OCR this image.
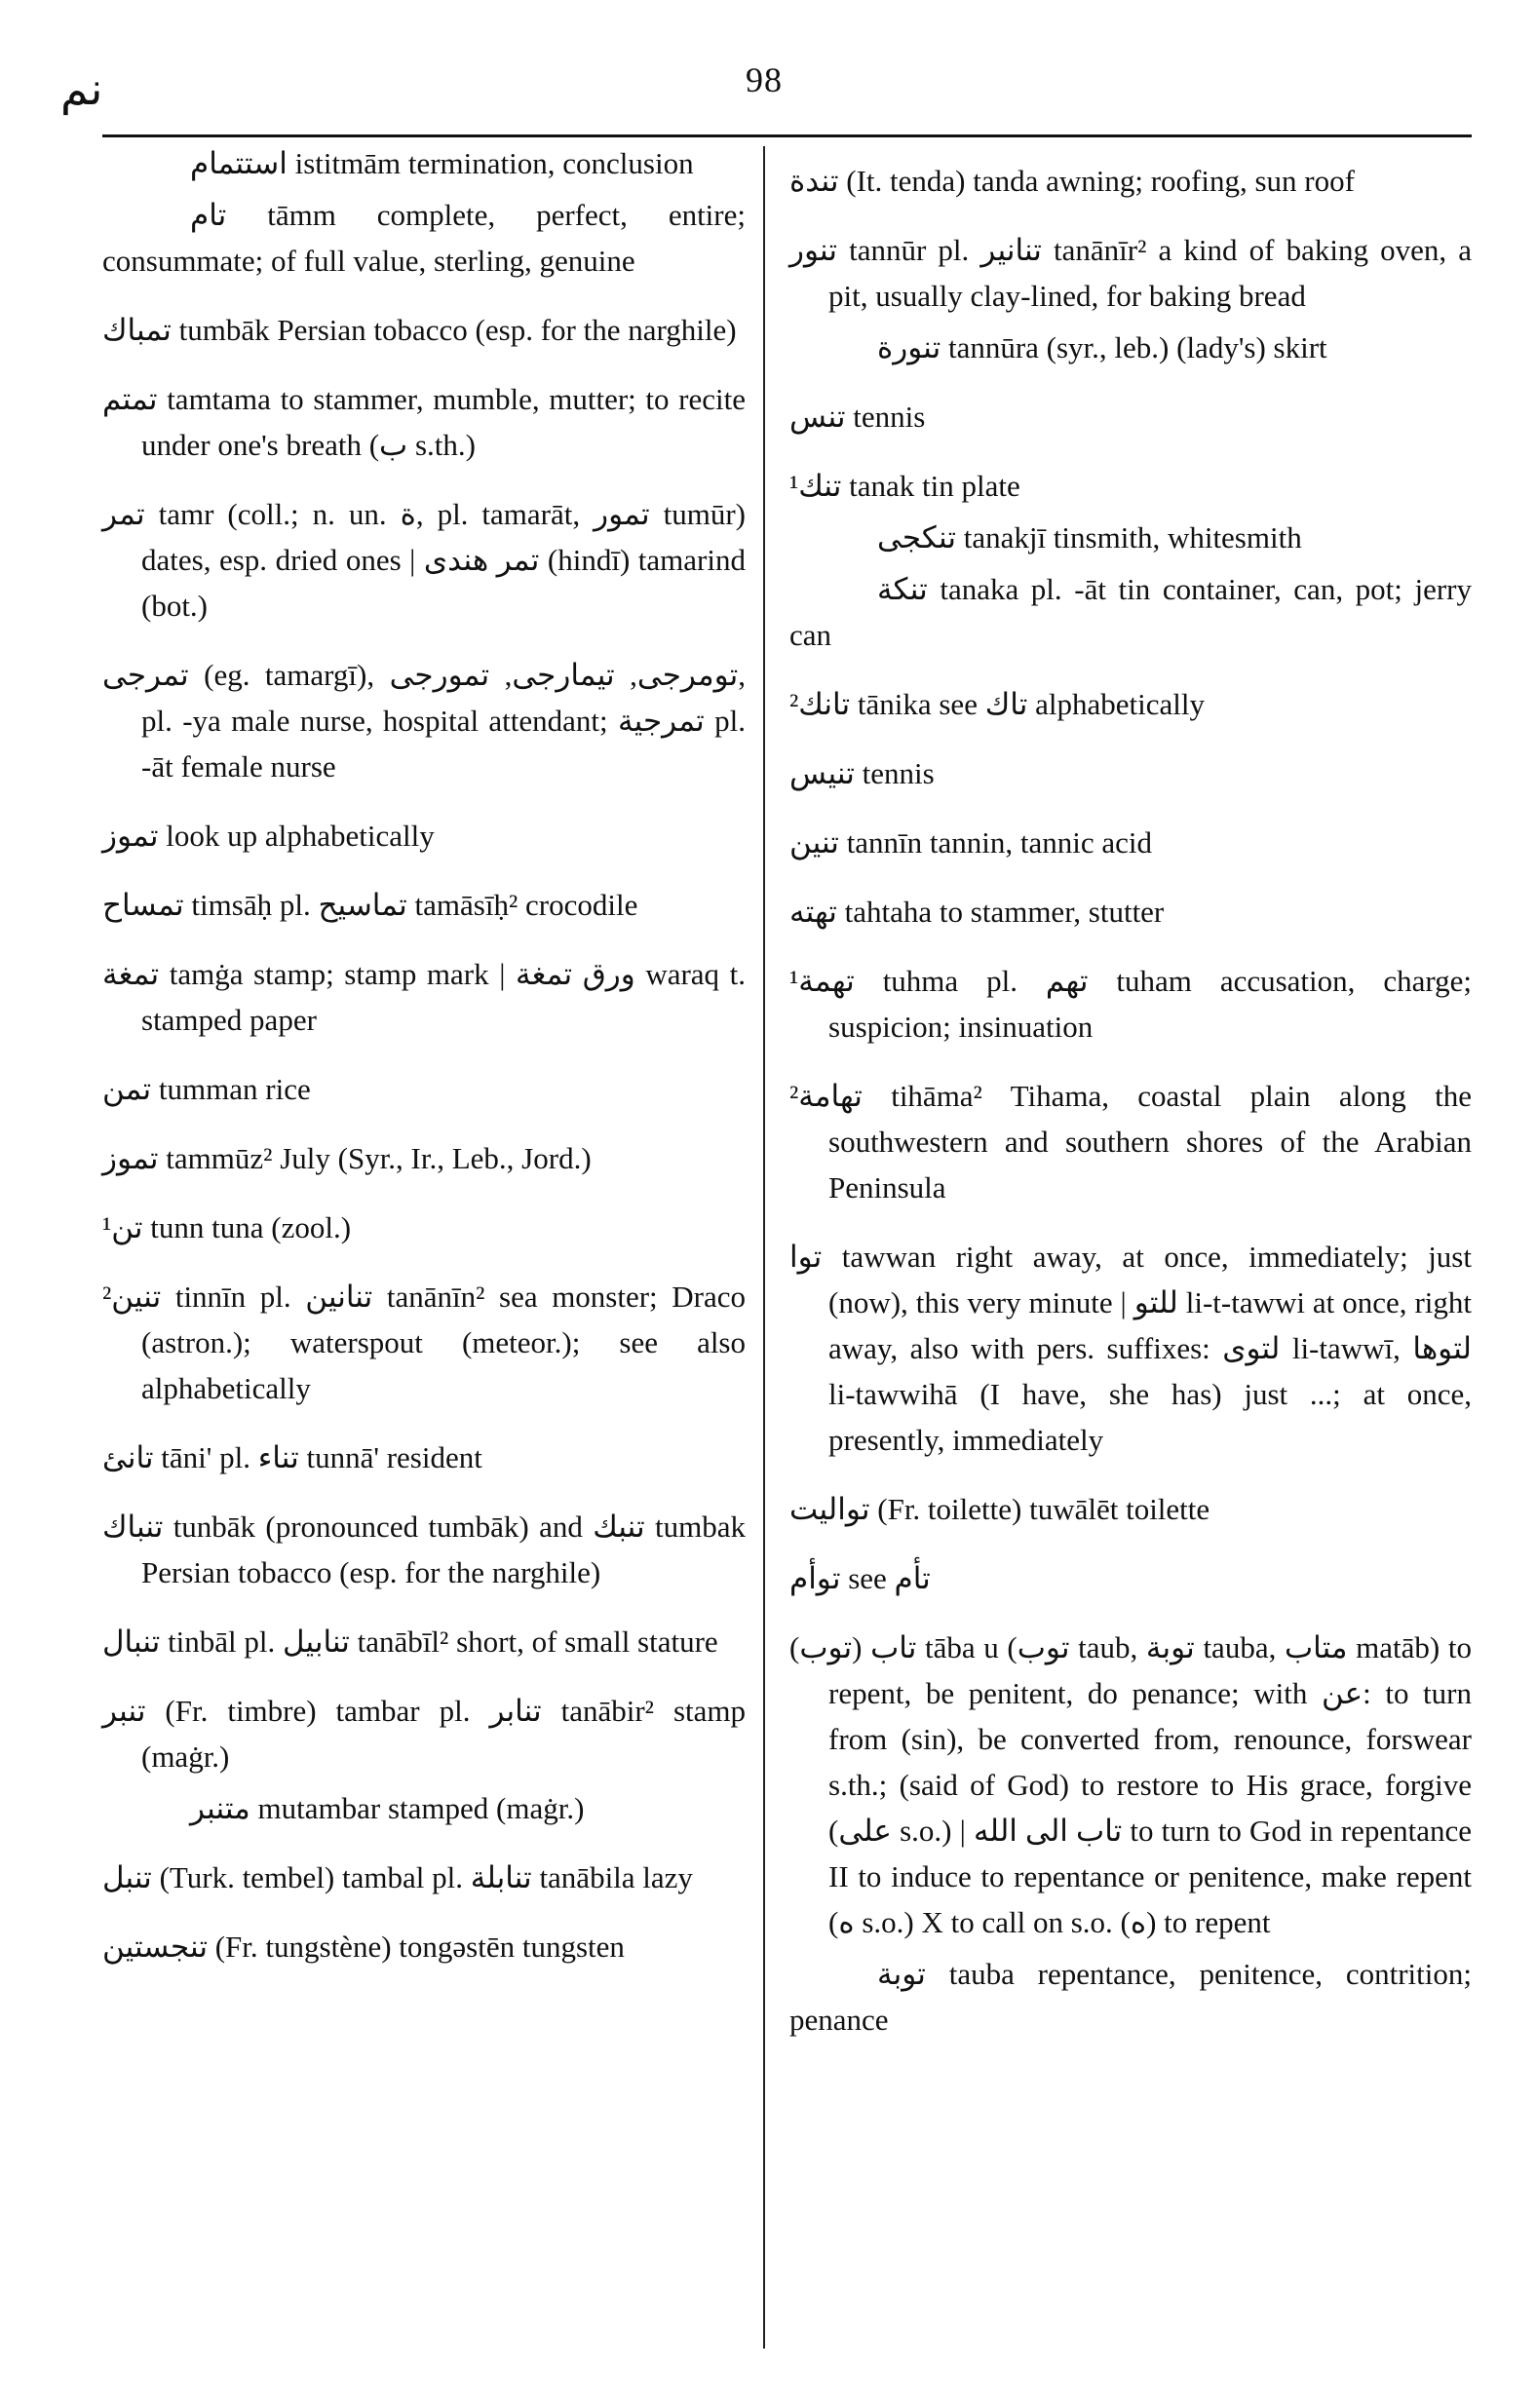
نم	98

استتمام istitmām termination, conclusion

تام tāmm complete, perfect, entire; consummate; of full value, sterling, genuine

تمباك tumbāk Persian tobacco (esp. for the narghile)

تمتم tamtama to stammer, mumble, mutter; to recite under one's breath (ب s.th.)

تمر tamr (coll.; n. un. ة, pl. tamarāt, تمور tumūr) dates, esp. dried ones | تمر هندى (hindī) tamarind (bot.)

تمرجى (eg. tamargī), تومرجى, تيمارجى, تمورجى, pl. -ya male nurse, hospital attendant; تمرجية pl. -āt female nurse

تموز look up alphabetically

تمساح timsāḥ pl. تماسيح tamāsīḥ² crocodile

تمغة tamġa stamp; stamp mark | ورق تمغة waraq t. stamped paper

تمن tumman rice

تموز tammūz² July (Syr., Ir., Leb., Jord.)

¹تن tunn tuna (zool.)

²تنين tinnīn pl. تنانين tanānīn² sea monster; Draco (astron.); waterspout (meteor.); see also alphabetically

تانئ tāni' pl. تناء tunnā' resident

تنباك tunbāk (pronounced tumbāk) and تنبك tumbak Persian tobacco (esp. for the narghile)

تنبال tinbāl pl. تنابيل tanābīl² short, of small stature

تنبر (Fr. timbre) tambar pl. تنابر tanābir² stamp (maġr.)

متنبر mutambar stamped (maġr.)

تنبل (Turk. tembel) tambal pl. تنابلة tanābila lazy

تنجستين (Fr. tungstène) tongəstēn tungsten

تندة (It. tenda) tanda awning; roofing, sun roof

تنور tannūr pl. تنانير tanānīr² a kind of baking oven, a pit, usually clay-lined, for baking bread

تنورة tannūra (syr., leb.) (lady's) skirt

تنس tennis

¹تنك tanak tin plate

تنكجى tanakjī tinsmith, whitesmith

تنكة tanaka pl. -āt tin container, can, pot; jerry can

²تانك tānika see تاك alphabetically

تنيس tennis

تنين tannīn tannin, tannic acid

تهته tahtaha to stammer, stutter

¹تهمة tuhma pl. تهم tuham accusation, charge; suspicion; insinuation

²تهامة tihāma² Tihama, coastal plain along the southwestern and southern shores of the Arabian Peninsula

توا tawwan right away, at once, immediately; just (now), this very minute | للتو li-t-tawwi at once, right away, also with pers. suffixes: لتوى li-tawwī, لتوها li-tawwihā (I have, she has) just ...; at once, presently, immediately

تواليت (Fr. toilette) tuwālēt toilette

توأم see تأم

تاب (توب) tāba u (توب taub, توبة tauba, متاب matāb) to repent, be penitent, do penance; with عن: to turn from (sin), be converted from, renounce, forswear s.th.; (said of God) to restore to His grace, forgive (على s.o.) | تاب الى الله to turn to God in repentance II to induce to repentance or penitence, make repent (ه s.o.) X to call on s.o. (ه) to repent

توبة tauba repentance, penitence, contrition; penance
